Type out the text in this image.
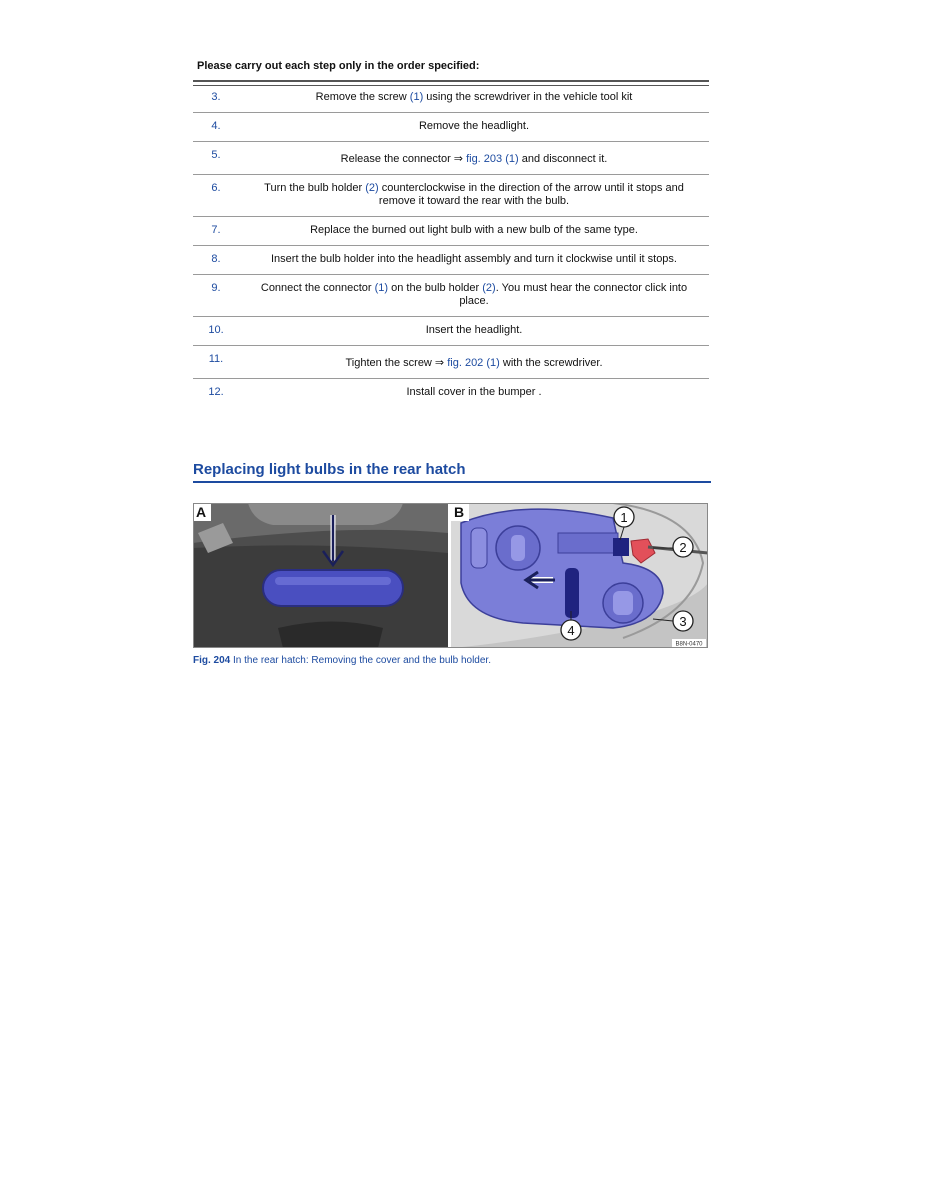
Please carry out each step only in the order specified:
3.	Remove the screw (1) using the screwdriver in the vehicle tool kit
4.	Remove the headlight.
5.	Release the connector ⇒ fig. 203 (1) and disconnect it.
6.	Turn the bulb holder (2) counterclockwise in the direction of the arrow until it stops and remove it toward the rear with the bulb.
7.	Replace the burned out light bulb with a new bulb of the same type.
8.	Insert the bulb holder into the headlight assembly and turn it clockwise until it stops.
9.	Connect the connector (1) on the bulb holder (2). You must hear the connector click into place.
10.	Insert the headlight.
11.	Tighten the screw ⇒ fig. 202 (1) with the screwdriver.
12.	Install cover in the bumper .
Replacing light bulbs in the rear hatch
A	1
2
3
4
B
B8N-0470
Fig. 204 In the rear hatch: Removing the cover and the bulb holder.
